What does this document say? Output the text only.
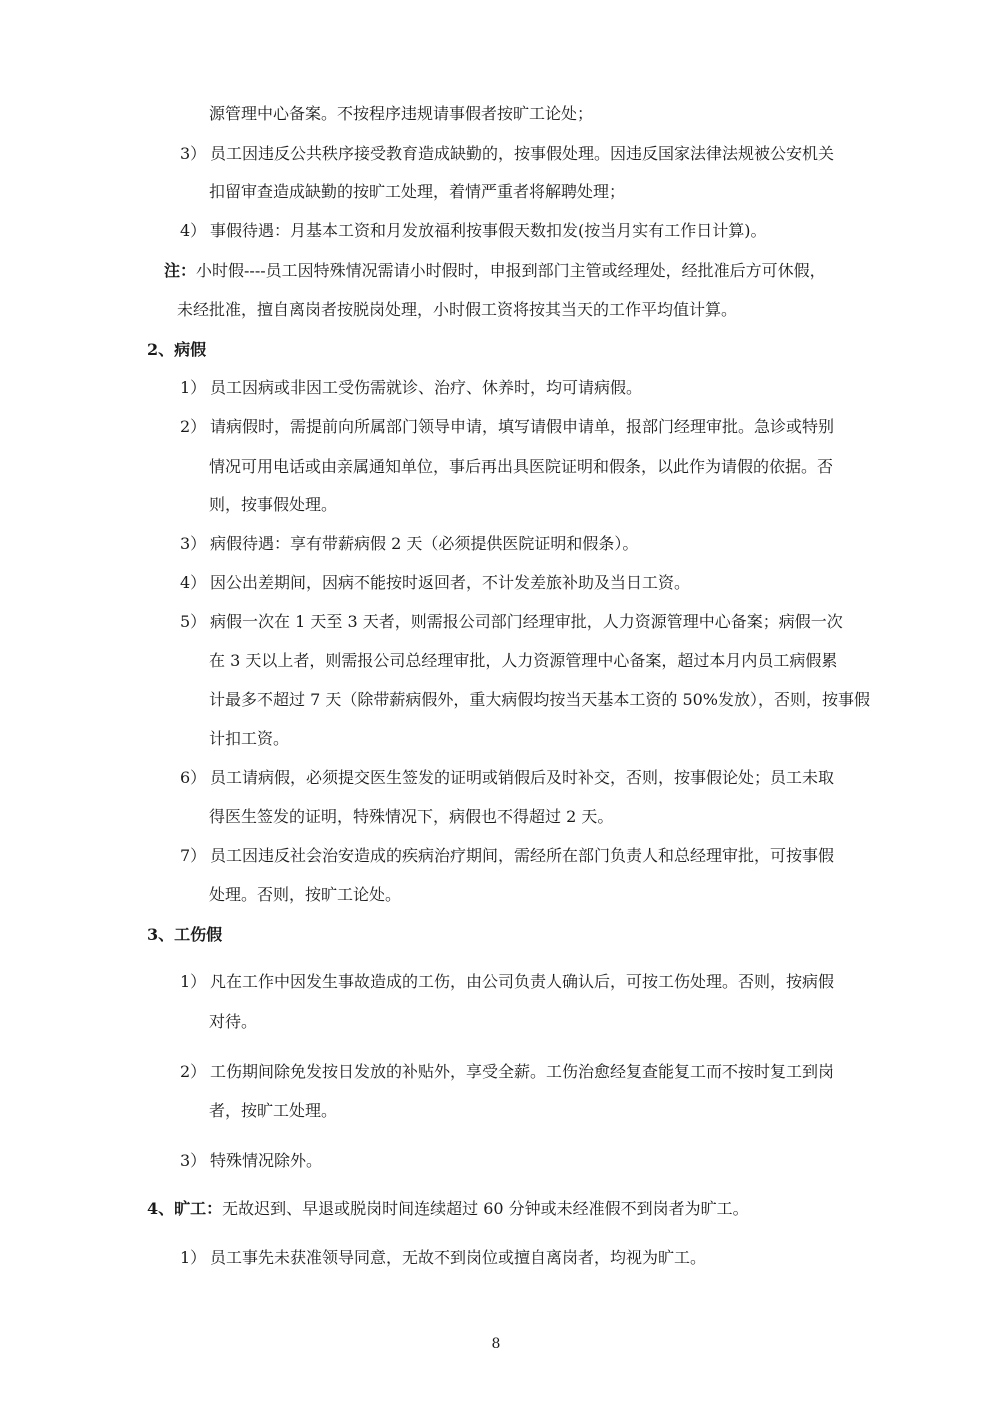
源管理中心备案。不按程序违规请事假者按旷工论处；
3） 员工因违反公共秩序接受教育造成缺勤的，按事假处理。因违反国家法律法规被公安机关
扣留审查造成缺勤的按旷工处理，着情严重者将解聘处理；
4） 事假待遇：月基本工资和月发放福利按事假天数扣发(按当月实有工作日计算)。
注：小时假----员工因特殊情况需请小时假时，申报到部门主管或经理处，经批准后方可休假，
未经批准，擅自离岗者按脱岗处理，小时假工资将按其当天的工作平均值计算。
2、病假
1） 员工因病或非因工受伤需就诊、治疗、休养时，均可请病假。
2） 请病假时，需提前向所属部门领导申请，填写请假申请单，报部门经理审批。急诊或特别
情况可用电话或由亲属通知单位，事后再出具医院证明和假条，以此作为请假的依据。否
则，按事假处理。
3） 病假待遇：享有带薪病假 2 天（必须提供医院证明和假条）。
4） 因公出差期间，因病不能按时返回者，不计发差旅补助及当日工资。
5） 病假一次在 1 天至 3 天者，则需报公司部门经理审批，人力资源管理中心备案；病假一次
在 3 天以上者，则需报公司总经理审批，人力资源管理中心备案，超过本月内员工病假累
计最多不超过 7 天（除带薪病假外，重大病假均按当天基本工资的 50%发放），否则，按事假
计扣工资。
6） 员工请病假，必须提交医生签发的证明或销假后及时补交，否则，按事假论处；员工未取
得医生签发的证明，特殊情况下，病假也不得超过 2 天。
7） 员工因违反社会治安造成的疾病治疗期间，需经所在部门负责人和总经理审批，可按事假
处理。否则，按旷工论处。
3、工伤假
1） 凡在工作中因发生事故造成的工伤，由公司负责人确认后，可按工伤处理。否则，按病假
对待。
2） 工伤期间除免发按日发放的补贴外，享受全薪。工伤治愈经复查能复工而不按时复工到岗
者，按旷工处理。
3） 特殊情况除外。
4、旷工：无故迟到、早退或脱岗时间连续超过 60 分钟或未经准假不到岗者为旷工。
1） 员工事先未获准领导同意，无故不到岗位或擅自离岗者，均视为旷工。
8
